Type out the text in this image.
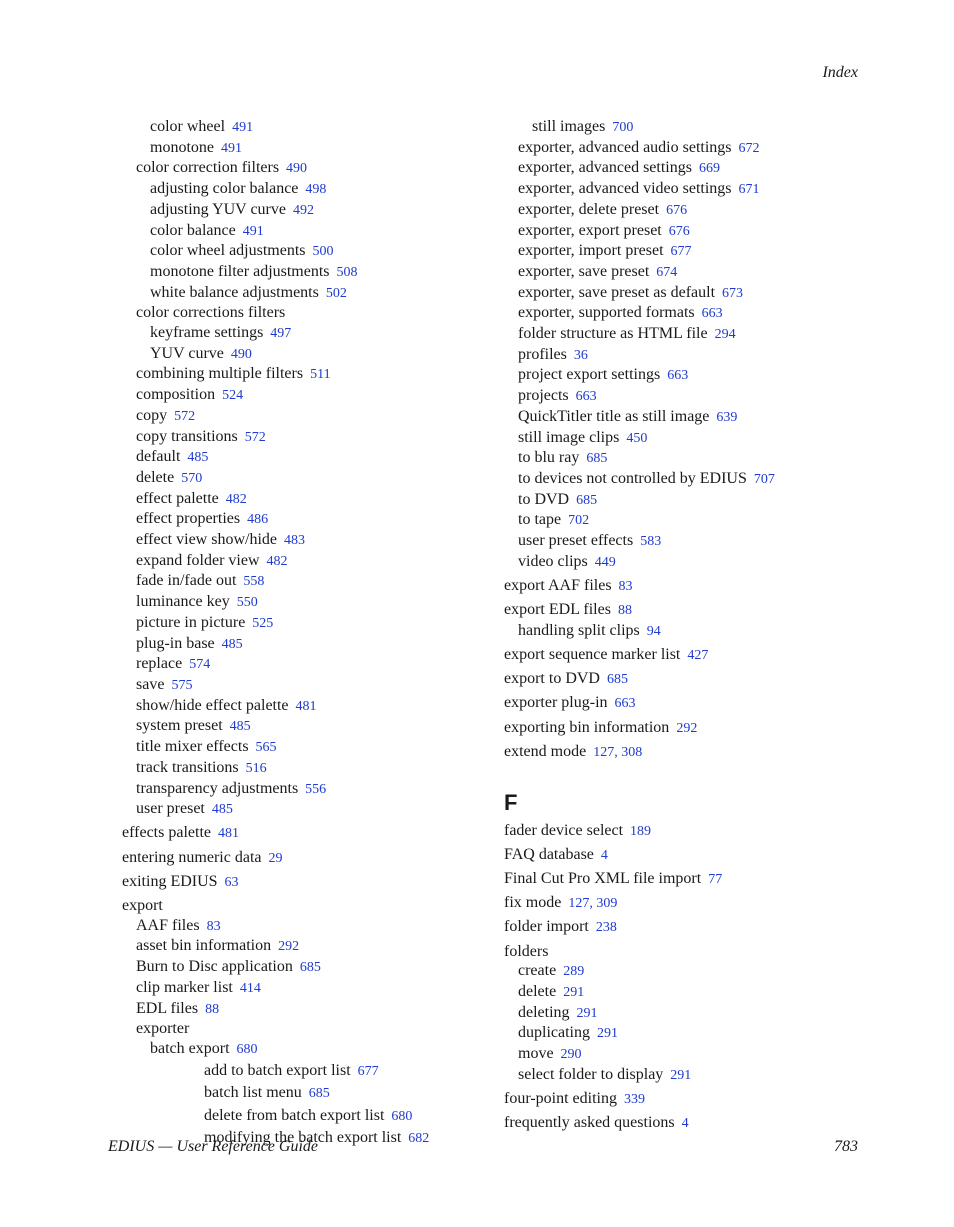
Index
color wheel 491
monotone 491
color correction filters 490
adjusting color balance 498
adjusting YUV curve 492
color balance 491
color wheel adjustments 500
monotone filter adjustments 508
white balance adjustments 502
color corrections filters
keyframe settings 497
YUV curve 490
combining multiple filters 511
composition 524
copy 572
copy transitions 572
default 485
delete 570
effect palette 482
effect properties 486
effect view show/hide 483
expand folder view 482
fade in/fade out 558
luminance key 550
picture in picture 525
plug-in base 485
replace 574
save 575
show/hide effect palette 481
system preset 485
title mixer effects 565
track transitions 516
transparency adjustments 556
user preset 485
effects palette 481
entering numeric data 29
exiting EDIUS 63
export
AAF files 83
asset bin information 292
Burn to Disc application 685
clip marker list 414
EDL files 88
exporter
batch export 680
add to batch export list 677
batch list menu 685
delete from batch export list 680
modifying the batch export list 682
still images 700
exporter, advanced audio settings 672
exporter, advanced settings 669
exporter, advanced video settings 671
exporter, delete preset 676
exporter, export preset 676
exporter, import preset 677
exporter, save preset 674
exporter, save preset as default 673
exporter, supported formats 663
folder structure as HTML file 294
profiles 36
project export settings 663
projects 663
QuickTitler title as still image 639
still image clips 450
to blu ray 685
to devices not controlled by EDIUS 707
to DVD 685
to tape 702
user preset effects 583
video clips 449
export AAF files 83
export EDL files 88
handling split clips 94
export sequence marker list 427
export to DVD 685
exporter plug-in 663
exporting bin information 292
extend mode 127, 308
F
fader device select 189
FAQ database 4
Final Cut Pro XML file import 77
fix mode 127, 309
folder import 238
folders
create 289
delete 291
deleting 291
duplicating 291
move 290
select folder to display 291
four-point editing 339
frequently asked questions 4
EDIUS — User Reference Guide	783
